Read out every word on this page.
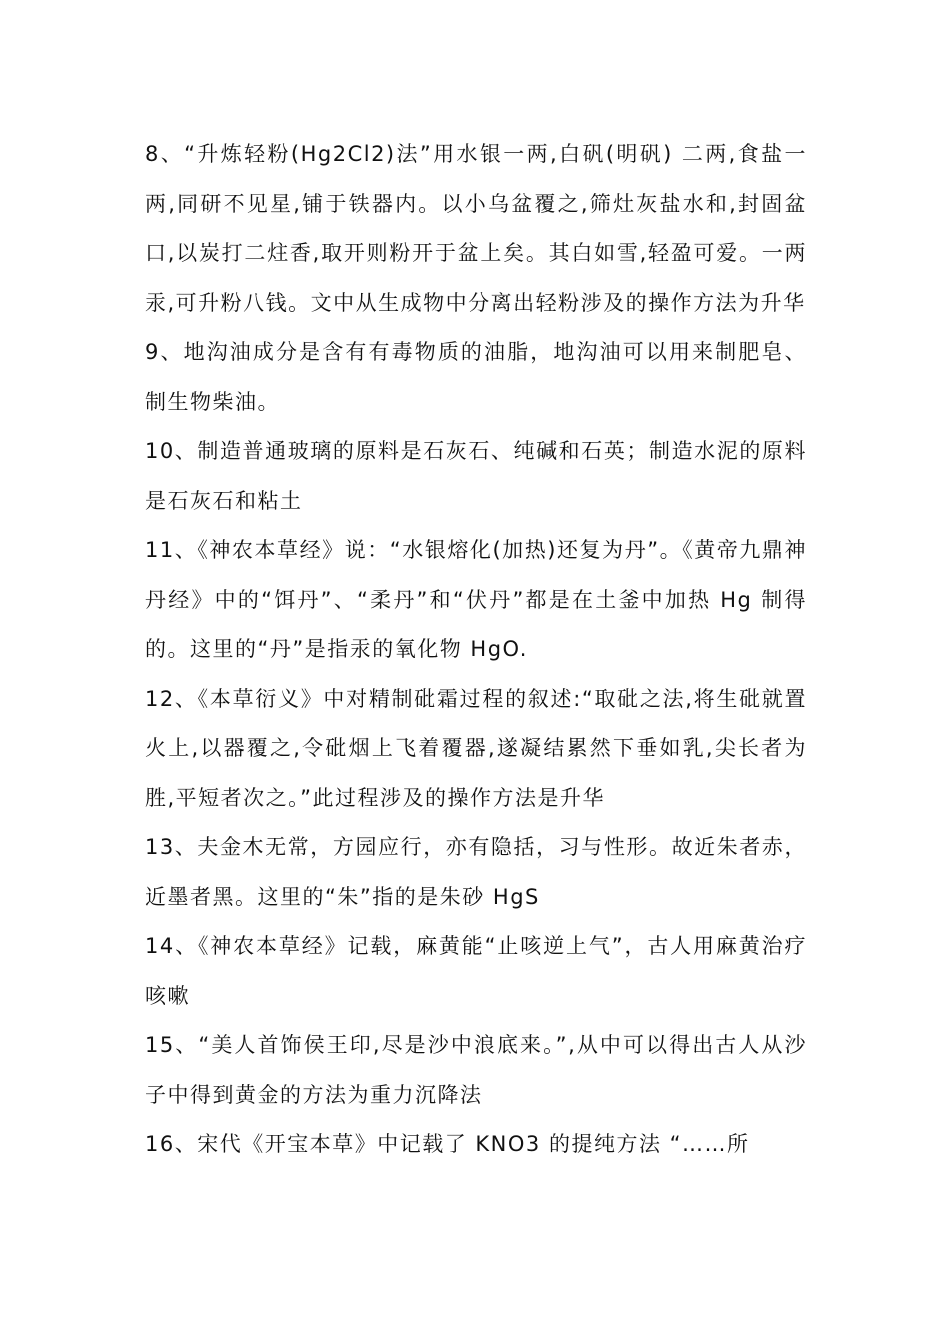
8、“升炼轻粉(Hg2Cl2)法”用水银一两,白矾(明矾) 二两,食盐一两,同研不见星,铺于铁器内。以小乌盆覆之,筛灶灰盐水和,封固盆口,以炭打二炷香,取开则粉开于盆上矣。其白如雪,轻盈可爱。一两汞,可升粉八钱。文中从生成物中分离出轻粉涉及的操作方法为升华

9、地沟油成分是含有有毒物质的油脂，地沟油可以用来制肥皂、制生物柴油。

10、制造普通玻璃的原料是石灰石、纯碱和石英；制造水泥的原料是石灰石和粘土

11、《神农本草经》说：“水银熔化(加热)还复为丹”。《黄帝九鼎神丹经》中的“饵丹”、“柔丹”和“伏丹”都是在土釜中加热 Hg 制得的。这里的“丹”是指汞的氧化物 HgO.

12、《本草衍义》中对精制砒霜过程的叙述:“取砒之法,将生砒就置火上,以器覆之,令砒烟上飞着覆器,遂凝结累然下垂如乳,尖长者为胜,平短者次之。”此过程涉及的操作方法是升华

13、夫金木无常，方园应行，亦有隐括，习与性形。故近朱者赤，近墨者黑。这里的“朱”指的是朱砂 HgS

14、《神农本草经》记载，麻黄能“止咳逆上气”，古人用麻黄治疗咳嗽

15、“美人首饰侯王印,尽是沙中浪底来。”,从中可以得出古人从沙子中得到黄金的方法为重力沉降法

16、宋代《开宝本草》中记载了 KNO3 的提纯方法 “……所
